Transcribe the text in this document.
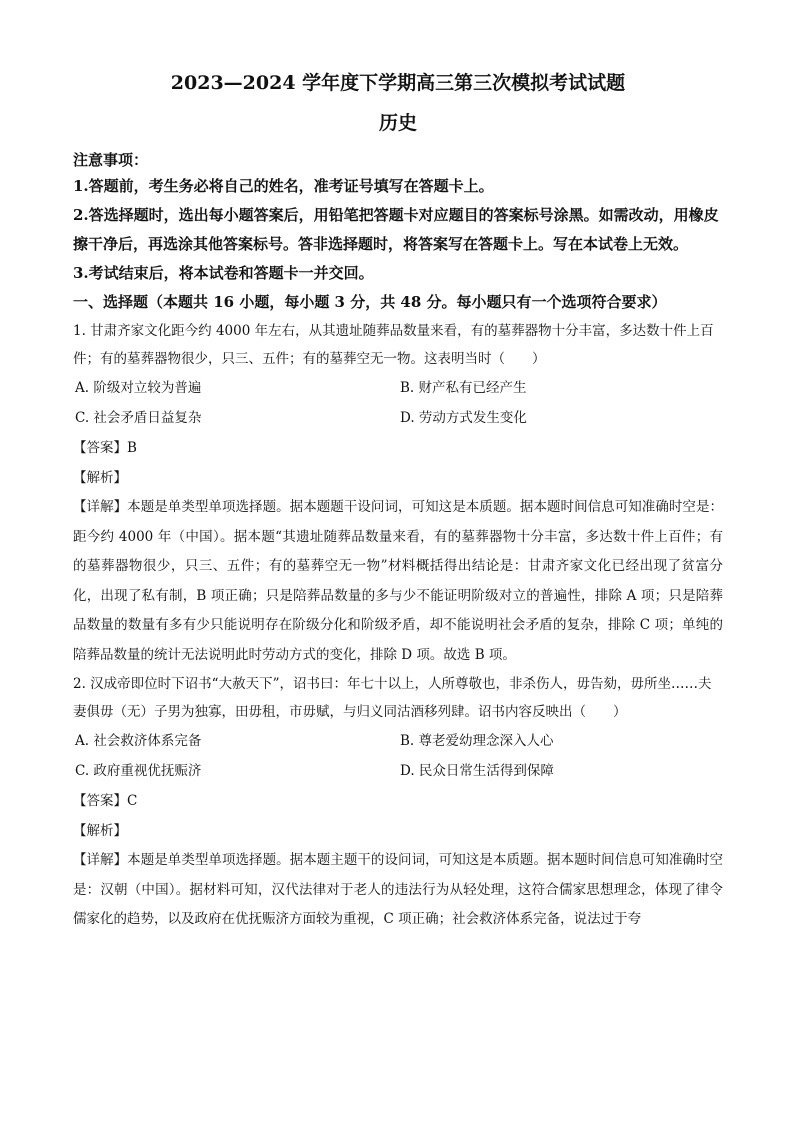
2023—2024 学年度下学期高三第三次模拟考试试题
历史
注意事项：

1.答题前，考生务必将自己的姓名，准考证号填写在答题卡上。

2.答选择题时，选出每小题答案后，用铅笔把答题卡对应题目的答案标号涂黑。如需改动，用橡皮擦干净后，再选涂其他答案标号。答非选择题时，将答案写在答题卡上。写在本试卷上无效。

3.考试结束后，将本试卷和答题卡一并交回。

一、选择题（本题共 16 小题，每小题 3 分，共 48 分。每小题只有一个选项符合要求）

1. 甘肃齐家文化距今约 4000 年左右，从其遗址随葬品数量来看，有的墓葬器物十分丰富，多达数十件上百件；有的墓葬器物很少，只三、五件；有的墓葬空无一物。这表明当时（　　）

A. 阶级对立较为普遍	B. 财产私有已经产生
C. 社会矛盾日益复杂	D. 劳动方式发生变化

【答案】B

【解析】

【详解】本题是单类型单项选择题。据本题题干设问词，可知这是本质题。据本题时间信息可知准确时空是：距今约 4000 年（中国）。据本题“其遗址随葬品数量来看，有的墓葬器物十分丰富，多达数十件上百件；有的墓葬器物很少，只三、五件；有的墓葬空无一物”材料概括得出结论是：甘肃齐家文化已经出现了贫富分化，出现了私有制，B 项正确；只是陪葬品数量的多与少不能证明阶级对立的普遍性，排除 A 项；只是陪葬品数量的数量有多有少只能说明存在阶级分化和阶级矛盾，却不能说明社会矛盾的复杂，排除 C 项；单纯的陪葬品数量的统计无法说明此时劳动方式的变化，排除 D 项。故选 B 项。

2. 汉成帝即位时下诏书“大赦天下”，诏书曰：年七十以上，人所尊敬也，非杀伤人，毋告劾，毋所坐……夫妻俱毋（无）子男为独寡，田毋租，市毋赋，与归义同沽酒移列肆。诏书内容反映出（　　）

A. 社会救济体系完备	B. 尊老爱幼理念深入人心
C. 政府重视优抚赈济	D. 民众日常生活得到保障

【答案】C

【解析】

【详解】本题是单类型单项选择题。据本题主题干的设问词，可知这是本质题。据本题时间信息可知准确时空是：汉朝（中国）。据材料可知，汉代法律对于老人的违法行为从轻处理，这符合儒家思想理念，体现了律令儒家化的趋势，以及政府在优抚赈济方面较为重视，C 项正确；社会救济体系完备，说法过于夸
